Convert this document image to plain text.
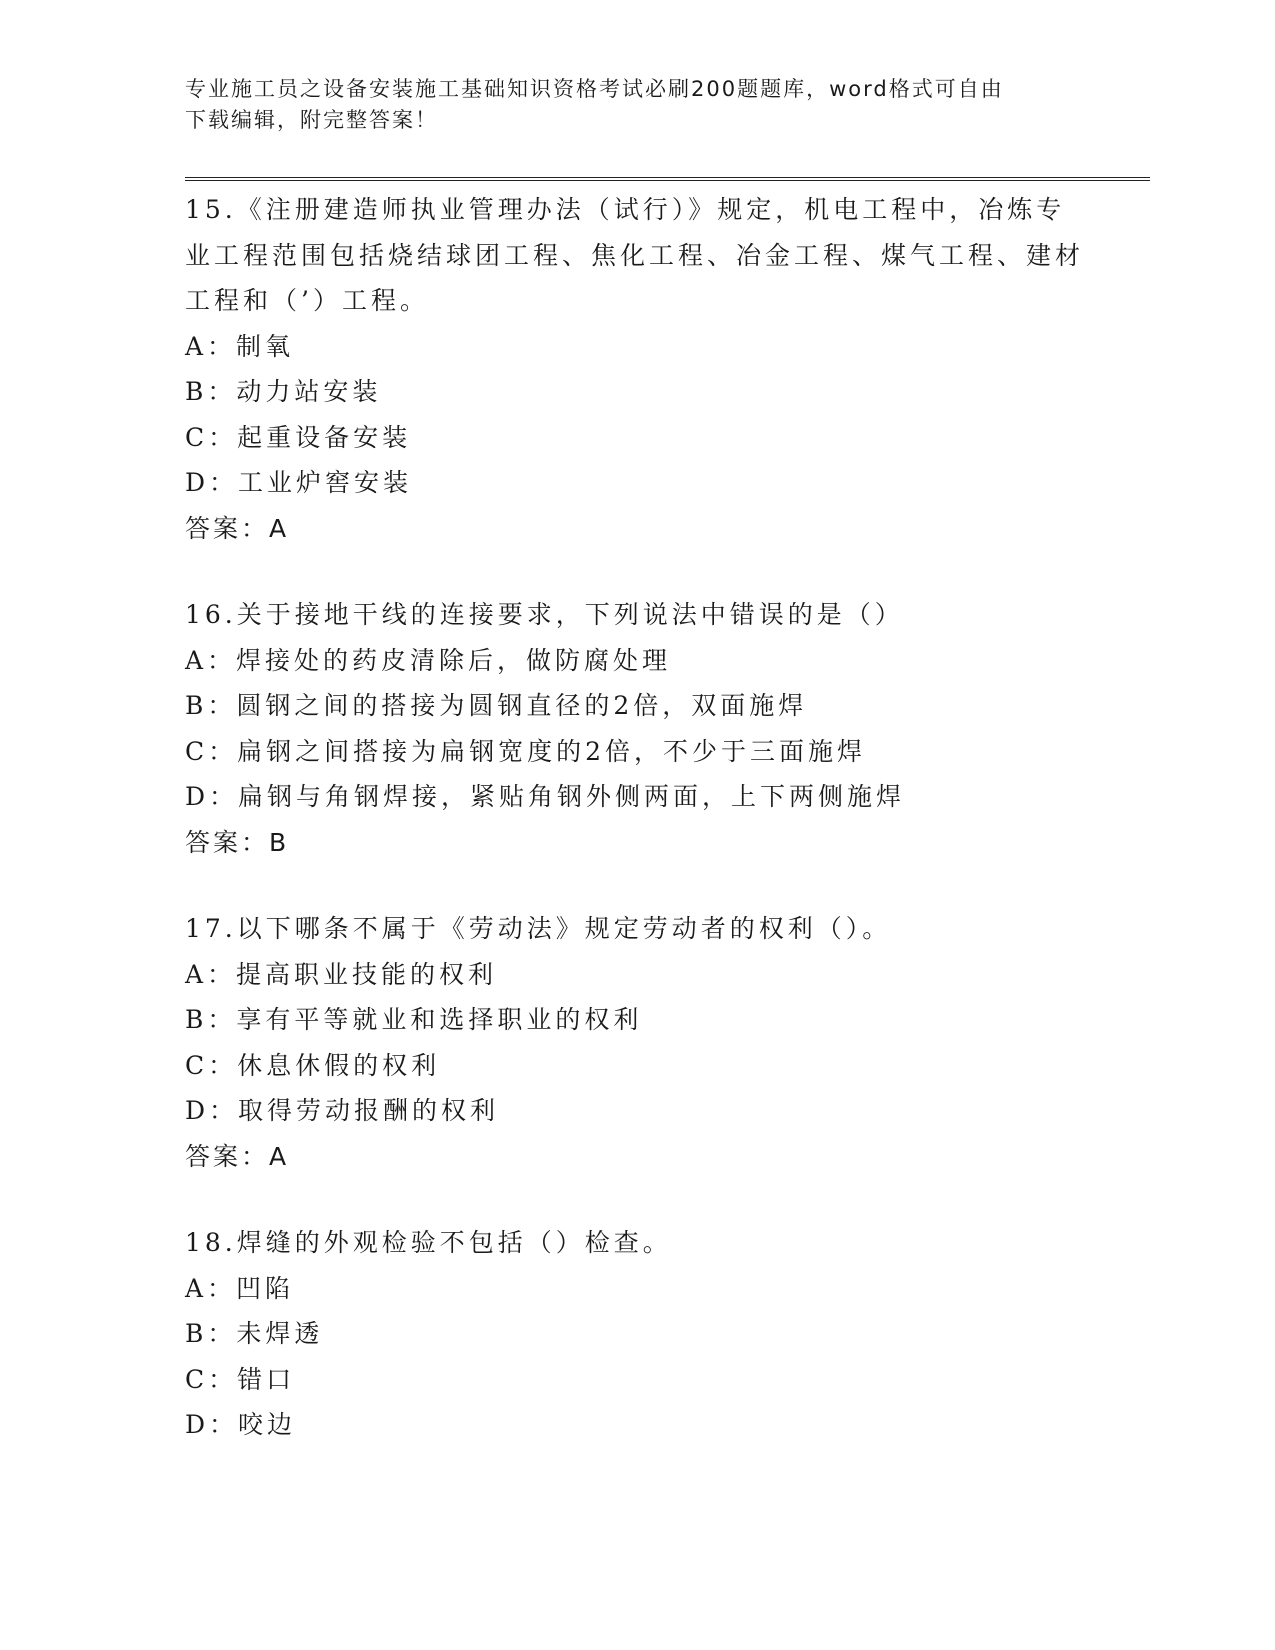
专业施工员之设备安装施工基础知识资格考试必刷200题题库，word格式可自由
下载编辑，附完整答案！
15.《注册建造师执业管理办法（试行）》规定，机电工程中，冶炼专业工程范围包括烧结球团工程、焦化工程、冶金工程、煤气工程、建材工程和（’）工程。
A：制氧
B：动力站安装
C：起重设备安装
D：工业炉窖安装
答案：A
16.关于接地干线的连接要求，下列说法中错误的是（）
A：焊接处的药皮清除后，做防腐处理
B：圆钢之间的搭接为圆钢直径的2倍，双面施焊
C：扁钢之间搭接为扁钢宽度的2倍，不少于三面施焊
D：扁钢与角钢焊接，紧贴角钢外侧两面，上下两侧施焊
答案：B
17.以下哪条不属于《劳动法》规定劳动者的权利（）。
A：提高职业技能的权利
B：享有平等就业和选择职业的权利
C：休息休假的权利
D：取得劳动报酬的权利
答案：A
18.焊缝的外观检验不包括（）检查。
A：凹陷
B：未焊透
C：错口
D：咬边
